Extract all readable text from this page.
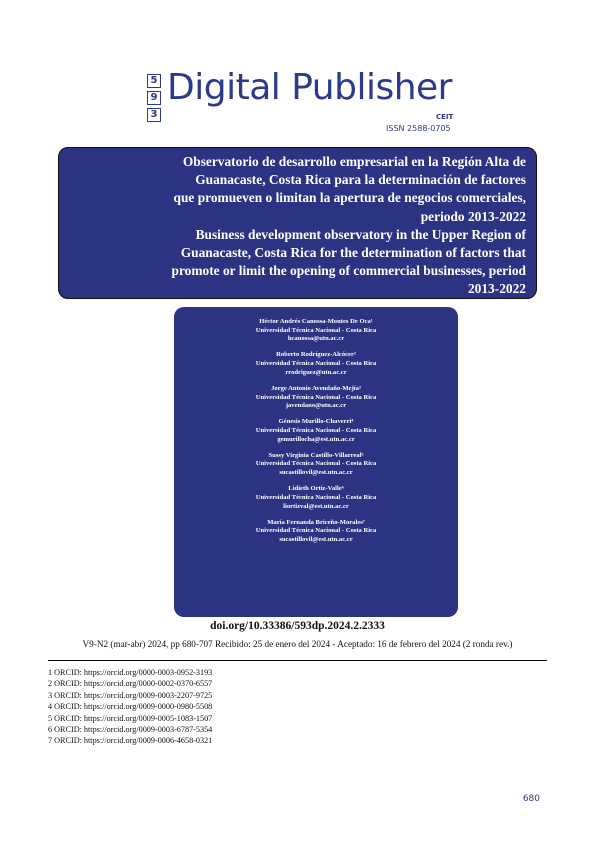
5
9
3
Digital Publisher
CEIT
ISSN 2588-0705

Observatorio de desarrollo empresarial en la Región Alta de

Guanacaste, Costa Rica para la determinación de factores

que promueven o limitan la apertura de negocios comerciales,

periodo 2013-2022

Business development observatory in the Upper Region of

Guanacaste, Costa Rica for the determination of factors that

promote or limit the opening of commercial businesses, period

2013-2022

Héctor Andrés Canossa-Montes De Oca¹
Universidad Técnica Nacional - Costa Rica
hcanossa@utn.ac.cr
Roberto Rodríguez-Alcócer²
Universidad Técnica Nacional - Costa Rica
rrodriguez@utn.ac.cr
Jorge Antonio Avendaño-Mejía³
Universidad Técnica Nacional - Costa Rica
javendano@utn.ac.cr
Génesis Murillo-Chaverri⁴
Universidad Técnica Nacional - Costa Rica
gemurillocha@est.utn.ac.cr
Sussy Virginia Castillo-Villarreal⁵
Universidad Técnica Nacional - Costa Rica
sucastillovil@est.utn.ac.cr
Lidieth Ortiz-Valle⁶
Universidad Técnica Nacional - Costa Rica
liortizval@est.utn.ac.cr
María Fernanda Briceño-Morales⁷
Universidad Técnica Nacional - Costa Rica
sucastillovil@est.utn.ac.cr
doi.org/10.33386/593dp.2024.2.2333
V9-N2 (mar-abr) 2024, pp 680-707 Recibido: 25 de enero del 2024 - Aceptado: 16 de febrero del 2024 (2 ronda rev.)
1 ORCID: https://orcid.org/0000-0003-0952-3193
2 ORCID: https://orcid.org/0000-0002-0370-6557
3 ORCID: https://orcid.org/0009-0003-2207-9725
4 ORCID: https://orcid.org/0009-0000-0980-5508
5 ORCID: https://orcid.org/0009-0005-1083-1507
6 ORCID: https://orcid.org/0009-0003-6787-5354
7 ORCID: https://orcid.org/0009-0006-4658-0321
680
